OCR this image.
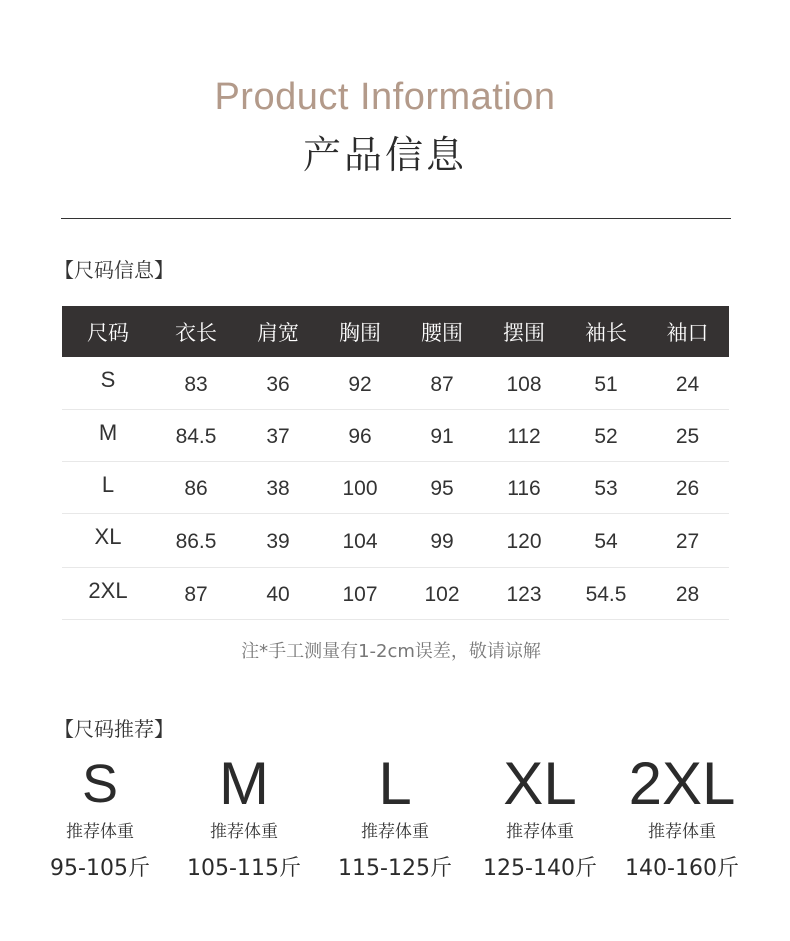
Product Information
产品信息
【尺码信息】
尺码	衣长	肩宽	胸围	腰围	摆围	袖长	袖口
S	83	36	92	87	108	51	24
M	84.5	37	96	91	112	52	25
L	86	38	100	95	116	53	26
XL	86.5	39	104	99	120	54	27
2XL	87	40	107	102	123	54.5	28
注*手工测量有1-2cm误差，敬请谅解
【尺码推荐】
S
推荐体重
95-105斤
M
推荐体重
105-115斤
L
推荐体重
115-125斤
XL
推荐体重
125-140斤
2XL
推荐体重
140-160斤
